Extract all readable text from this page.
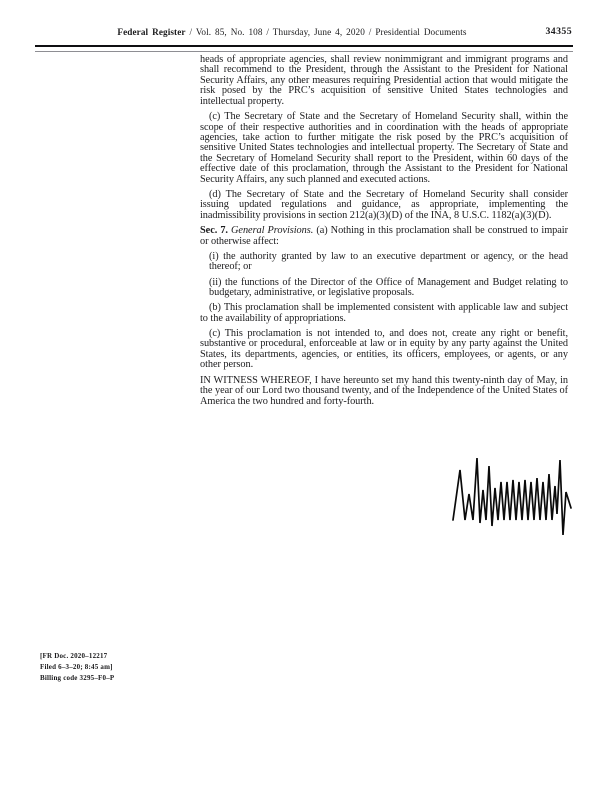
Federal Register / Vol. 85, No. 108 / Thursday, June 4, 2020 / Presidential Documents	34355

heads of appropriate agencies, shall review nonimmigrant and immigrant programs and shall recommend to the President, through the Assistant to the President for National Security Affairs, any other measures requiring Presidential action that would mitigate the risk posed by the PRC’s acquisition of sensitive United States technologies and intellectual property.

(c) The Secretary of State and the Secretary of Homeland Security shall, within the scope of their respective authorities and in coordination with the heads of appropriate agencies, take action to further mitigate the risk posed by the PRC’s acquisition of sensitive United States technologies and intellectual property. The Secretary of State and the Secretary of Homeland Security shall report to the President, within 60 days of the effective date of this proclamation, through the Assistant to the President for National Security Affairs, any such planned and executed actions.

(d) The Secretary of State and the Secretary of Homeland Security shall consider issuing updated regulations and guidance, as appropriate, implementing the inadmissibility provisions in section 212(a)(3)(D) of the INA, 8 U.S.C. 1182(a)(3)(D).

Sec. 7. General Provisions. (a) Nothing in this proclamation shall be construed to impair or otherwise affect:

(i) the authority granted by law to an executive department or agency, or the head thereof; or

(ii) the functions of the Director of the Office of Management and Budget relating to budgetary, administrative, or legislative proposals.

(b) This proclamation shall be implemented consistent with applicable law and subject to the availability of appropriations.

(c) This proclamation is not intended to, and does not, create any right or benefit, substantive or procedural, enforceable at law or in equity by any party against the United States, its departments, agencies, or entities, its officers, employees, or agents, or any other person.

IN WITNESS WHEREOF, I have hereunto set my hand this twenty-ninth day of May, in the year of our Lord two thousand twenty, and of the Independence of the United States of America the two hundred and forty-fourth.

[FR Doc. 2020–12217

Filed 6–3–20; 8:45 am]

Billing code 3295–F0–P
